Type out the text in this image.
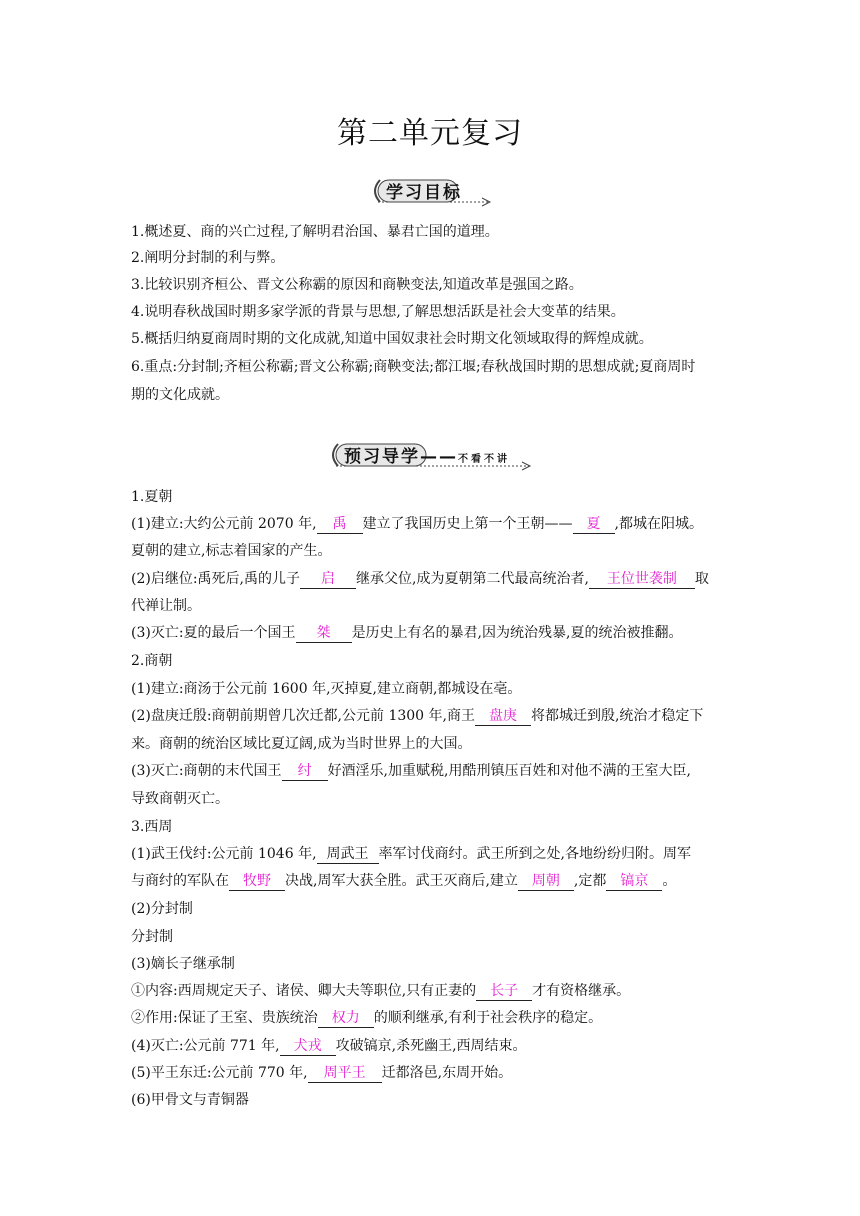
第二单元复习
学习目标
1.概述夏、商的兴亡过程,了解明君治国、暴君亡国的道理。
2.阐明分封制的利与弊。
3.比较识别齐桓公、晋文公称霸的原因和商鞅变法,知道改革是强国之路。
4.说明春秋战国时期多家学派的背景与思想,了解思想活跃是社会大变革的结果。
5.概括归纳夏商周时期的文化成就,知道中国奴隶社会时期文化领域取得的辉煌成就。
6.重点:分封制;齐桓公称霸;晋文公称霸;商鞅变法;都江堰;春秋战国时期的思想成就;夏商周时
期的文化成就。
预习导学——不看不讲
1.夏朝
(1)建立:大约公元前 2070 年, 禹 建立了我国历史上第一个王朝—— 夏 ,都城在阳城。
夏朝的建立,标志着国家的产生。
(2)启继位:禹死后,禹的儿子 启 继承父位,成为夏朝第二代最高统治者, 王位世袭制 取
代禅让制。
(3)灭亡:夏的最后一个国王 桀 是历史上有名的暴君,因为统治残暴,夏的统治被推翻。
2.商朝
(1)建立:商汤于公元前 1600 年,灭掉夏,建立商朝,都城设在亳。
(2)盘庚迁殷:商朝前期曾几次迁都,公元前 1300 年,商王 盘庚 将都城迁到殷,统治才稳定下
来。商朝的统治区域比夏辽阔,成为当时世界上的大国。
(3)灭亡:商朝的末代国王 纣 好酒淫乐,加重赋税,用酷刑镇压百姓和对他不满的王室大臣,
导致商朝灭亡。
3.西周
(1)武王伐纣:公元前 1046 年, 周武王 率军讨伐商纣。武王所到之处,各地纷纷归附。周军
与商纣的军队在 牧野 决战,周军大获全胜。武王灭商后,建立 周朝 ,定都 镐京 。
(2)分封制
分封制
(3)嫡长子继承制
①内容:西周规定天子、诸侯、卿大夫等职位,只有正妻的 长子 才有资格继承。
②作用:保证了王室、贵族统治 权力 的顺利继承,有利于社会秩序的稳定。
(4)灭亡:公元前 771 年, 犬戎 攻破镐京,杀死幽王,西周结束。
(5)平王东迁:公元前 770 年, 周平王 迁都洛邑,东周开始。
(6)甲骨文与青铜器
